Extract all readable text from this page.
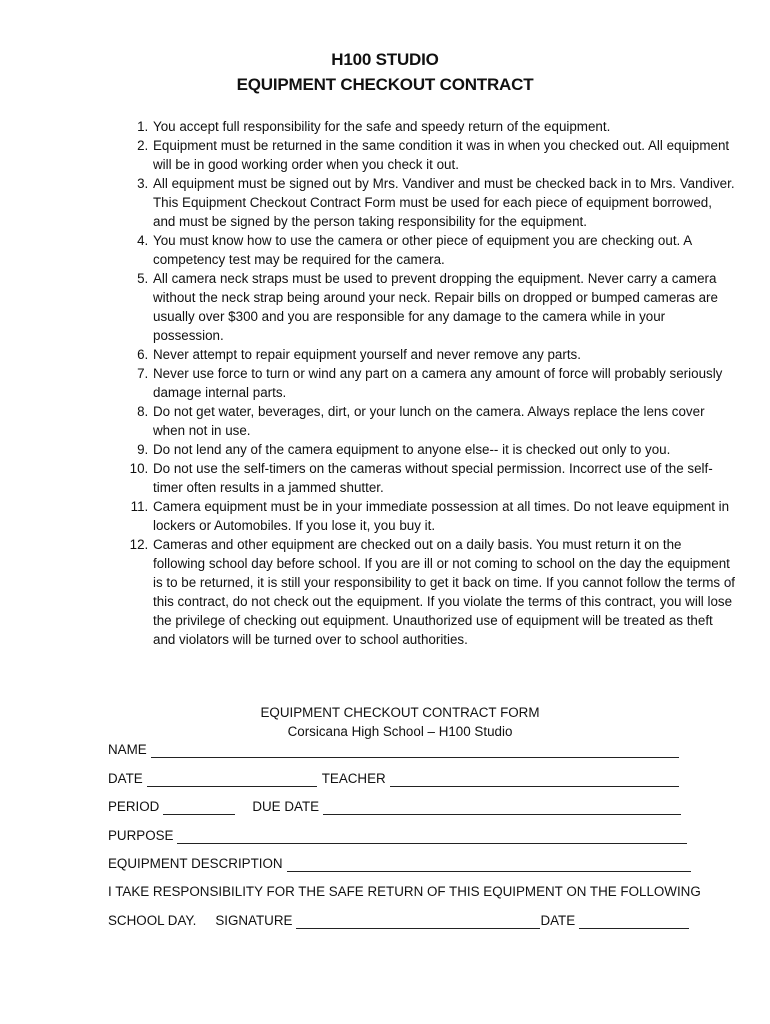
H100 STUDIO
EQUIPMENT CHECKOUT CONTRACT
1. You accept full responsibility for the safe and speedy return of the equipment.
2. Equipment must be returned in the same condition it was in when you checked out. All equipment will be in good working order when you check it out.
3. All equipment must be signed out by Mrs. Vandiver and must be checked back in to Mrs. Vandiver. This Equipment Checkout Contract Form must be used for each piece of equipment borrowed, and must be signed by the person taking responsibility for the equipment.
4. You must know how to use the camera or other piece of equipment you are checking out. A competency test may be required for the camera.
5. All camera neck straps must be used to prevent dropping the equipment. Never carry a camera without the neck strap being around your neck. Repair bills on dropped or bumped cameras are usually over $300 and you are responsible for any damage to the camera while in your possession.
6. Never attempt to repair equipment yourself and never remove any parts.
7. Never use force to turn or wind any part on a camera any amount of force will probably seriously damage internal parts.
8. Do not get water, beverages, dirt, or your lunch on the camera. Always replace the lens cover when not in use.
9. Do not lend any of the camera equipment to anyone else-- it is checked out only to you.
10. Do not use the self-timers on the cameras without special permission. Incorrect use of the self-timer often results in a jammed shutter.
11. Camera equipment must be in your immediate possession at all times. Do not leave equipment in lockers or Automobiles. If you lose it, you buy it.
12. Cameras and other equipment are checked out on a daily basis. You must return it on the following school day before school. If you are ill or not coming to school on the day the equipment is to be returned, it is still your responsibility to get it back on time. If you cannot follow the terms of this contract, do not check out the equipment. If you violate the terms of this contract, you will lose the privilege of checking out equipment. Unauthorized use of equipment will be treated as theft and violators will be turned over to school authorities.
EQUIPMENT CHECKOUT CONTRACT FORM
Corsicana High School – H100 Studio
NAME
DATE	TEACHER
PERIOD	DUE DATE
PURPOSE
EQUIPMENT DESCRIPTION
I TAKE RESPONSIBILITY FOR THE SAFE RETURN OF THIS EQUIPMENT ON THE FOLLOWING
SCHOOL DAY. SIGNATURE	DATE
